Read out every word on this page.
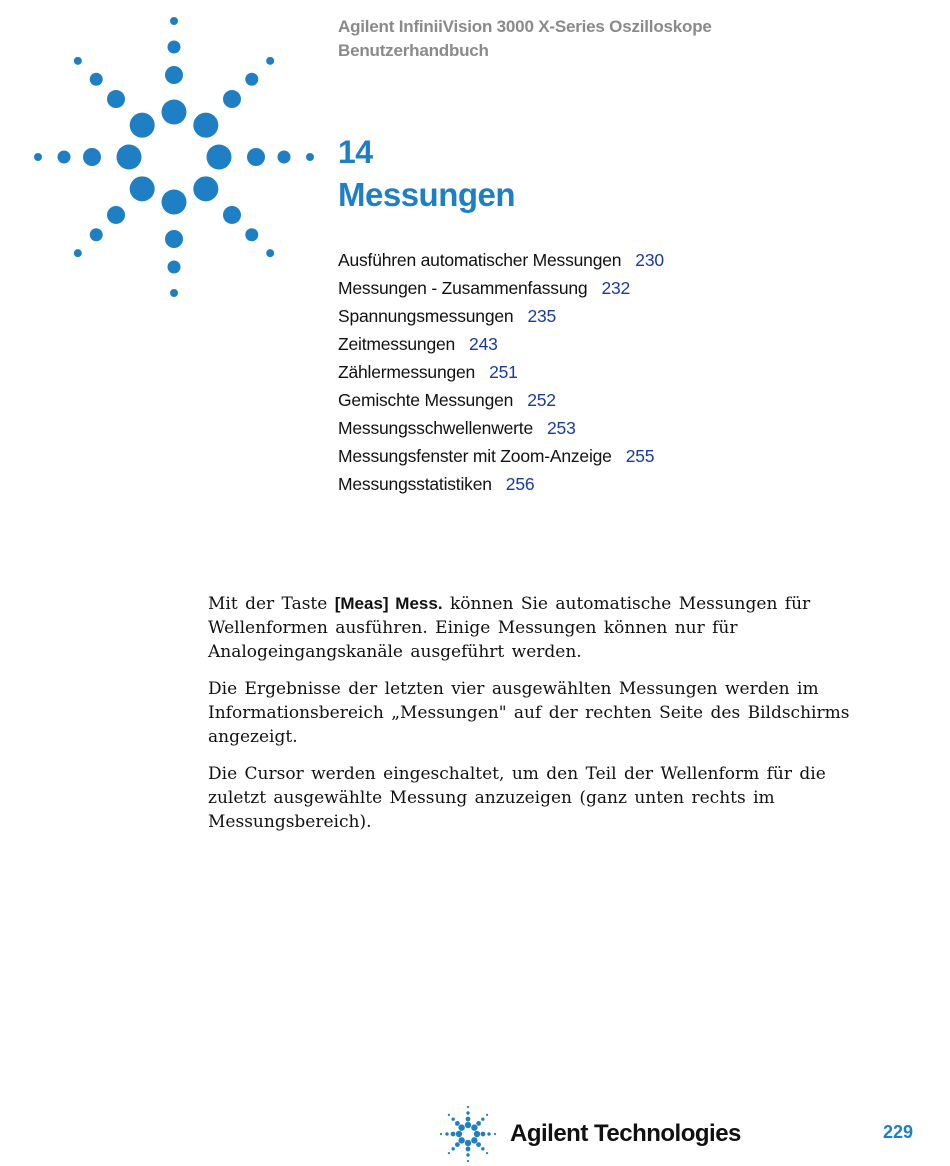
Agilent InfiniiVision 3000 X-Series Oszilloskope
Benutzerhandbuch
14
Messungen
Ausführen automatischer Messungen 230
Messungen - Zusammenfassung 232
Spannungsmessungen 235
Zeitmessungen 243
Zählermessungen 251
Gemischte Messungen 252
Messungsschwellenwerte 253
Messungsfenster mit Zoom-Anzeige 255
Messungsstatistiken 256

Mit der Taste [Meas] Mess. können Sie automatische Messungen für Wellenformen ausführen. Einige Messungen können nur für Analogeingangskanäle ausgeführt werden.

Die Ergebnisse der letzten vier ausgewählten Messungen werden im Informationsbereich „Messungen" auf der rechten Seite des Bildschirms angezeigt.

Die Cursor werden eingeschaltet, um den Teil der Wellenform für die zuletzt ausgewählte Messung anzuzeigen (ganz unten rechts im Messungsbereich).

Agilent Technologies	229
